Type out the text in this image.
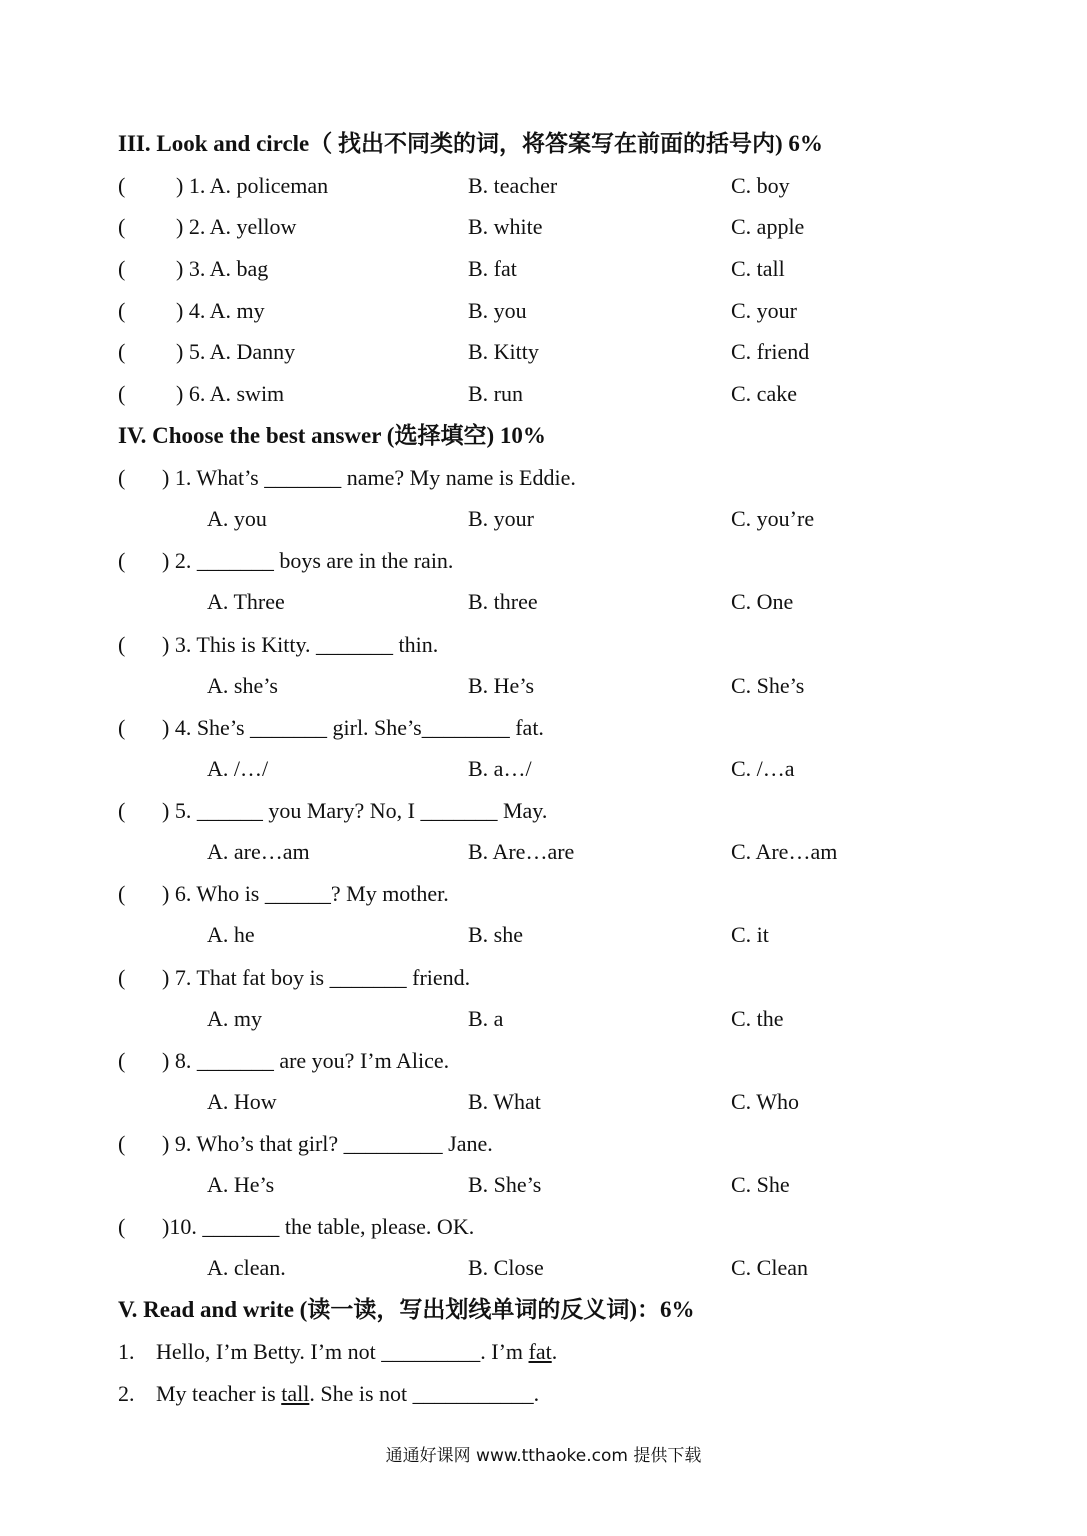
III. Look and circle（ 找出不同类的词，将答案写在前面的括号内) 6%
( ) 1. A. policeman	B. teacher	C. boy
( ) 2. A. yellow	B. white	C. apple
( ) 3. A. bag	B. fat	C. tall
( ) 4. A. my	B. you	C. your
( ) 5. A. Danny	B. Kitty	C. friend
( ) 6. A. swim	B. run	C. cake
IV. Choose the best answer (选择填空) 10%
( ) 1. What’s _______ name? My name is Eddie.
A. you	B. your	C. you’re
( ) 2. _______ boys are in the rain.
A. Three	B. three	C. One
( ) 3. This is Kitty. _______ thin.
A. she’s	B. He’s	C. She’s
( ) 4. She’s _______ girl. She’s________ fat.
A. /…/	B. a…/	C. /…a
( ) 5. ______ you Mary? No, I _______ May.
A. are…am	B. Are…are	C. Are…am
( ) 6. Who is ______? My mother.
A. he	B. she	C. it
( ) 7. That fat boy is _______ friend.
A. my	B. a	C. the
( ) 8. _______ are you? I’m Alice.
A. How	B. What	C. Who
( ) 9. Who’s that girl? _________ Jane.
A. He’s	B. She’s	C. She
( )10. _______ the table, please. OK.
A. clean.	B. Close	C. Clean
V. Read and write (读一读，写出划线单词的反义词)：6%
1. Hello, I’m Betty. I’m not _________. I’m fat.
2. My teacher is tall. She is not ___________.
通通好课网 www.tthaoke.com 提供下载
